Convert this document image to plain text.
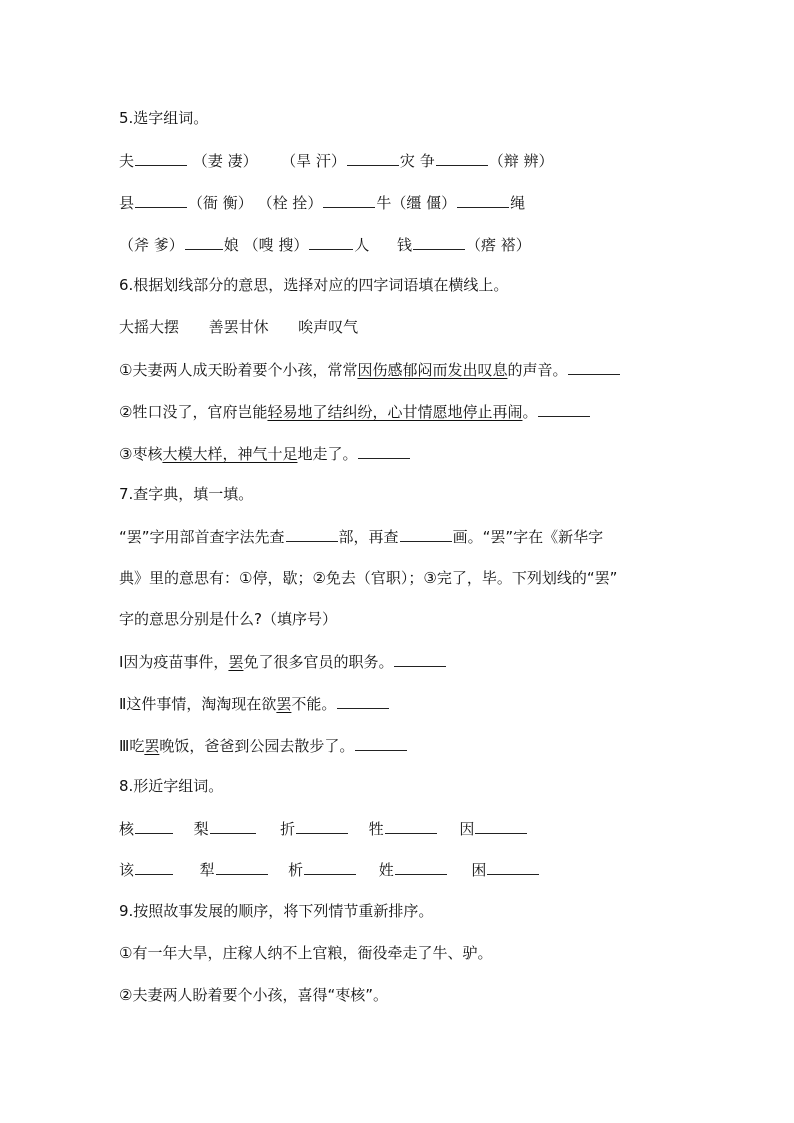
5.选字组词。
夫	（妻 凄） （旱 汗）	灾 争	（辩 辨）
县	（衙 衡） （栓 拴）	牛（缰 僵）	绳
（斧 爹）	娘 （嗖 搜）	人 钱	（瘩 褡）
6.根据划线部分的意思，选择对应的四字词语填在横线上。
大摇大摆 善罢甘休 唉声叹气
①夫妻两人成天盼着要个小孩，常常因伤感郁闷而发出叹息的声音。
②牲口没了，官府岂能轻易地了结纠纷，心甘情愿地停止再闹。
③枣核大模大样，神气十足地走了。
7.查字典，填一填。
“罢”字用部首查字法先查	部，再查	画。“罢”字在《新华字
典》里的意思有：①停，歇；②免去（官职）；③完了，毕。下列划线的“罢”
字的意思分别是什么?（填序号）
Ⅰ因为疫苗事件，罢免了很多官员的职务。
Ⅱ这件事情，淘淘现在欲罢不能。
Ⅲ吃罢晚饭，爸爸到公园去散步了。
8.形近字组词。
核	梨	折	牲	因
该	犁	析	姓	困
9.按照故事发展的顺序，将下列情节重新排序。
①有一年大旱，庄稼人纳不上官粮，衙役牵走了牛、驴。
②夫妻两人盼着要个小孩，喜得“枣核”。
